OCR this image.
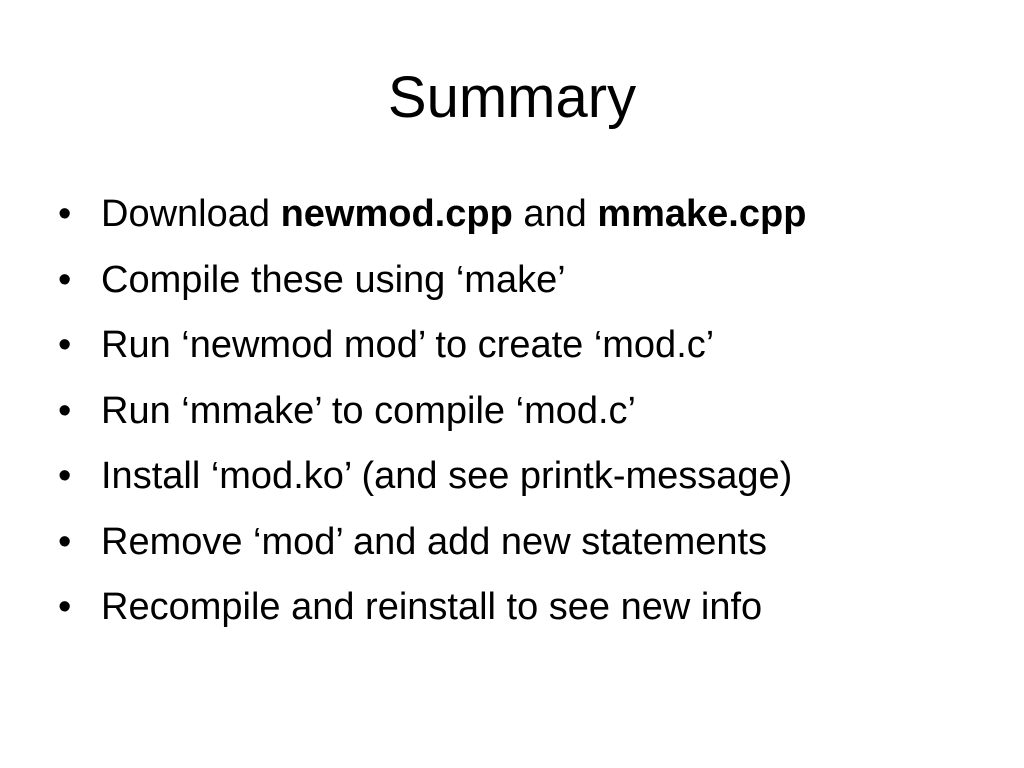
Summary
• Download newmod.cpp and mmake.cpp
• Compile these using ‘make’
• Run ‘newmod mod’ to create ‘mod.c’
• Run ‘mmake’ to compile ‘mod.c’
• Install ‘mod.ko’ (and see printk-message)
• Remove ‘mod’ and add new statements
• Recompile and reinstall to see new info
